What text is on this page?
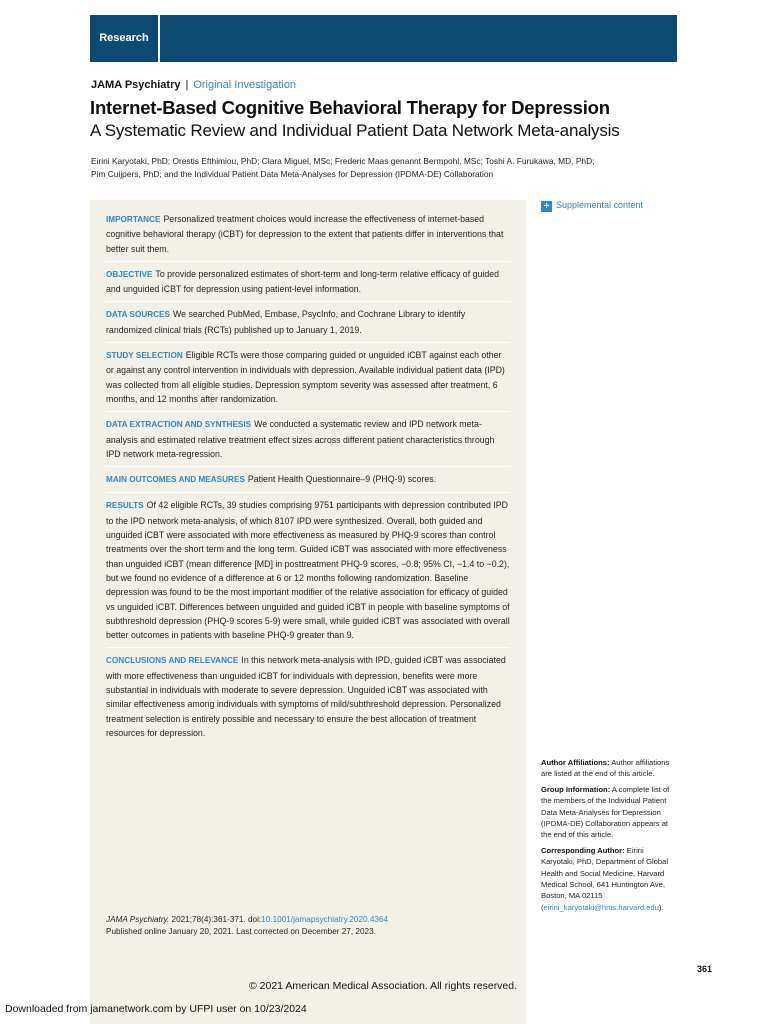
Research
JAMA Psychiatry | Original Investigation
Internet-Based Cognitive Behavioral Therapy for Depression
A Systematic Review and Individual Patient Data Network Meta-analysis
Eirini Karyotaki, PhD; Orestis Efthimiou, PhD; Clara Miguel, MSc; Frederic Maas genannt Bermpohl, MSc; Toshi A. Furukawa, MD, PhD;
Pim Cuijpers, PhD; and the Individual Patient Data Meta-Analyses for Depression (IPDMA-DE) Collaboration
IMPORTANCE Personalized treatment choices would increase the effectiveness of internet-based cognitive behavioral therapy (iCBT) for depression to the extent that patients differ in interventions that better suit them.
OBJECTIVE To provide personalized estimates of short-term and long-term relative efficacy of guided and unguided iCBT for depression using patient-level information.
DATA SOURCES We searched PubMed, Embase, PsycInfo, and Cochrane Library to identify randomized clinical trials (RCTs) published up to January 1, 2019.
STUDY SELECTION Eligible RCTs were those comparing guided or unguided iCBT against each other or against any control intervention in individuals with depression. Available individual patient data (IPD) was collected from all eligible studies. Depression symptom severity was assessed after treatment, 6 months, and 12 months after randomization.
DATA EXTRACTION AND SYNTHESIS We conducted a systematic review and IPD network meta-analysis and estimated relative treatment effect sizes across different patient characteristics through IPD network meta-regression.
MAIN OUTCOMES AND MEASURES Patient Health Questionnaire–9 (PHQ-9) scores.
RESULTS Of 42 eligible RCTs, 39 studies comprising 9751 participants with depression contributed IPD to the IPD network meta-analysis, of which 8107 IPD were synthesized. Overall, both guided and unguided iCBT were associated with more effectiveness as measured by PHQ-9 scores than control treatments over the short term and the long term. Guided iCBT was associated with more effectiveness than unguided iCBT (mean difference [MD] in posttreatment PHQ-9 scores, −0.8; 95% CI, −1.4 to −0.2), but we found no evidence of a difference at 6 or 12 months following randomization. Baseline depression was found to be the most important modifier of the relative association for efficacy of guided vs unguided iCBT. Differences between unguided and guided iCBT in people with baseline symptoms of subthreshold depression (PHQ-9 scores 5-9) were small, while guided iCBT was associated with overall better outcomes in patients with baseline PHQ-9 greater than 9.
CONCLUSIONS AND RELEVANCE In this network meta-analysis with IPD, guided iCBT was associated with more effectiveness than unguided iCBT for individuals with depression, benefits were more substantial in individuals with moderate to severe depression. Unguided iCBT was associated with similar effectiveness among individuals with symptoms of mild/subthreshold depression. Personalized treatment selection is entirely possible and necessary to ensure the best allocation of treatment resources for depression.
JAMA Psychiatry. 2021;78(4):361-371. doi:10.1001/jamapsychiatry.2020.4364
Published online January 20, 2021. Last corrected on December 27, 2023.
© 2021 American Medical Association. All rights reserved.
+ Supplemental content
Author Affiliations: Author affiliations are listed at the end of this article.
Group Information: A complete list of the members of the Individual Patient Data Meta-Analyses for Depression (IPDMA-DE) Collaboration appears at the end of this article.
Corresponding Author: Eirini Karyotaki, PhD, Department of Global Health and Social Medicine, Harvard Medical School, 641 Huntington Ave, Boston, MA 02115 (eirini_karyotaki@hms.harvard.edu).
361
Downloaded from jamanetwork.com by UFPI user on 10/23/2024
